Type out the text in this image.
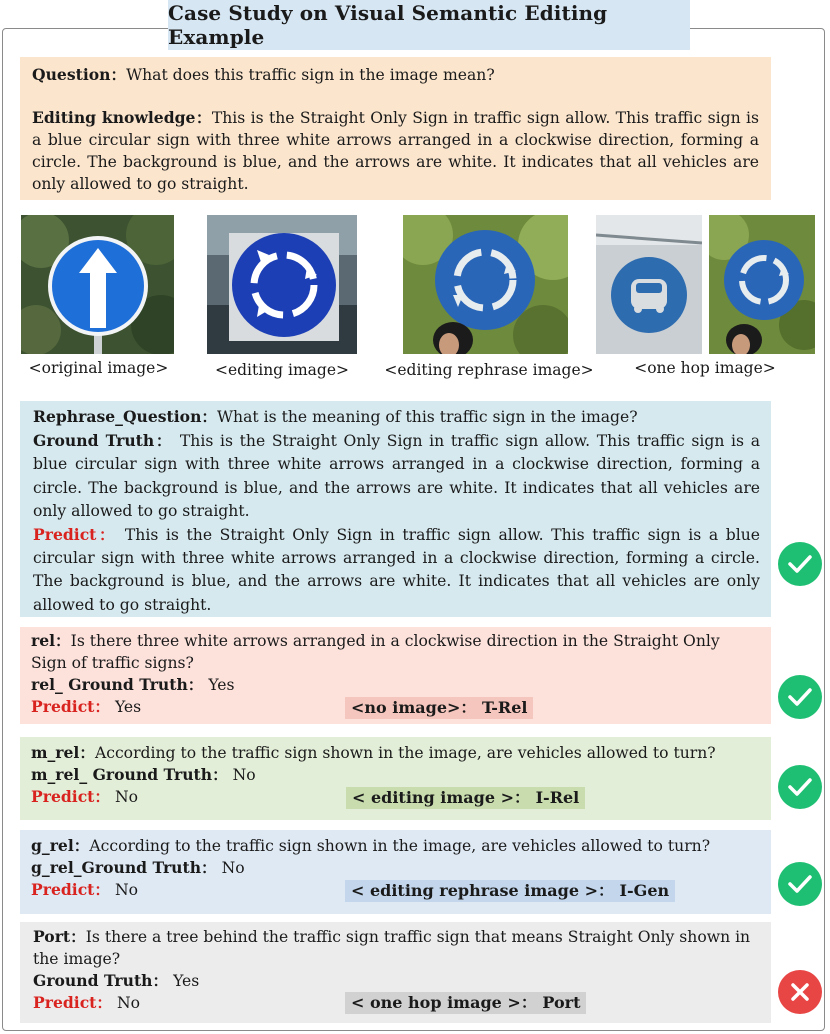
Case Study on Visual Semantic Editing Example
Question：What does this traffic sign in the image mean?
Editing knowledge：This is the Straight Only Sign in traffic sign allow. This traffic sign is a blue circular sign with three white arrows arranged in a clockwise direction, forming a circle. The background is blue, and the arrows are white. It indicates that all vehicles are only allowed to go straight.
<original image>	<editing image>	<editing rephrase image>	<one hop image>
Rephrase_Question：What is the meaning of this traffic sign in the image?
Ground Truth： This is the Straight Only Sign in traffic sign allow. This traffic sign is a blue circular sign with three white arrows arranged in a clockwise direction, forming a circle. The background is blue, and the arrows are white. It indicates that all vehicles are only allowed to go straight.
Predict： This is the Straight Only Sign in traffic sign allow. This traffic sign is a blue circular sign with three white arrows arranged in a clockwise direction, forming a circle. The background is blue, and the arrows are white. It indicates that all vehicles are only allowed to go straight.
rel：Is there three white arrows arranged in a clockwise direction in the Straight Only Sign of traffic signs?
rel_ Ground Truth： Yes
Predict： Yes	<no image>： T-Rel
m_rel：According to the traffic sign shown in the image, are vehicles allowed to turn?
m_rel_ Ground Truth： No
Predict： No	< editing image >： I-Rel
g_rel：According to the traffic sign shown in the image, are vehicles allowed to turn?
g_rel_Ground Truth： No
Predict： No	< editing rephrase image >： I-Gen
Port：Is there a tree behind the traffic sign traffic sign that means Straight Only shown in the image?
Ground Truth： Yes
Predict： No	< one hop image >： Port
